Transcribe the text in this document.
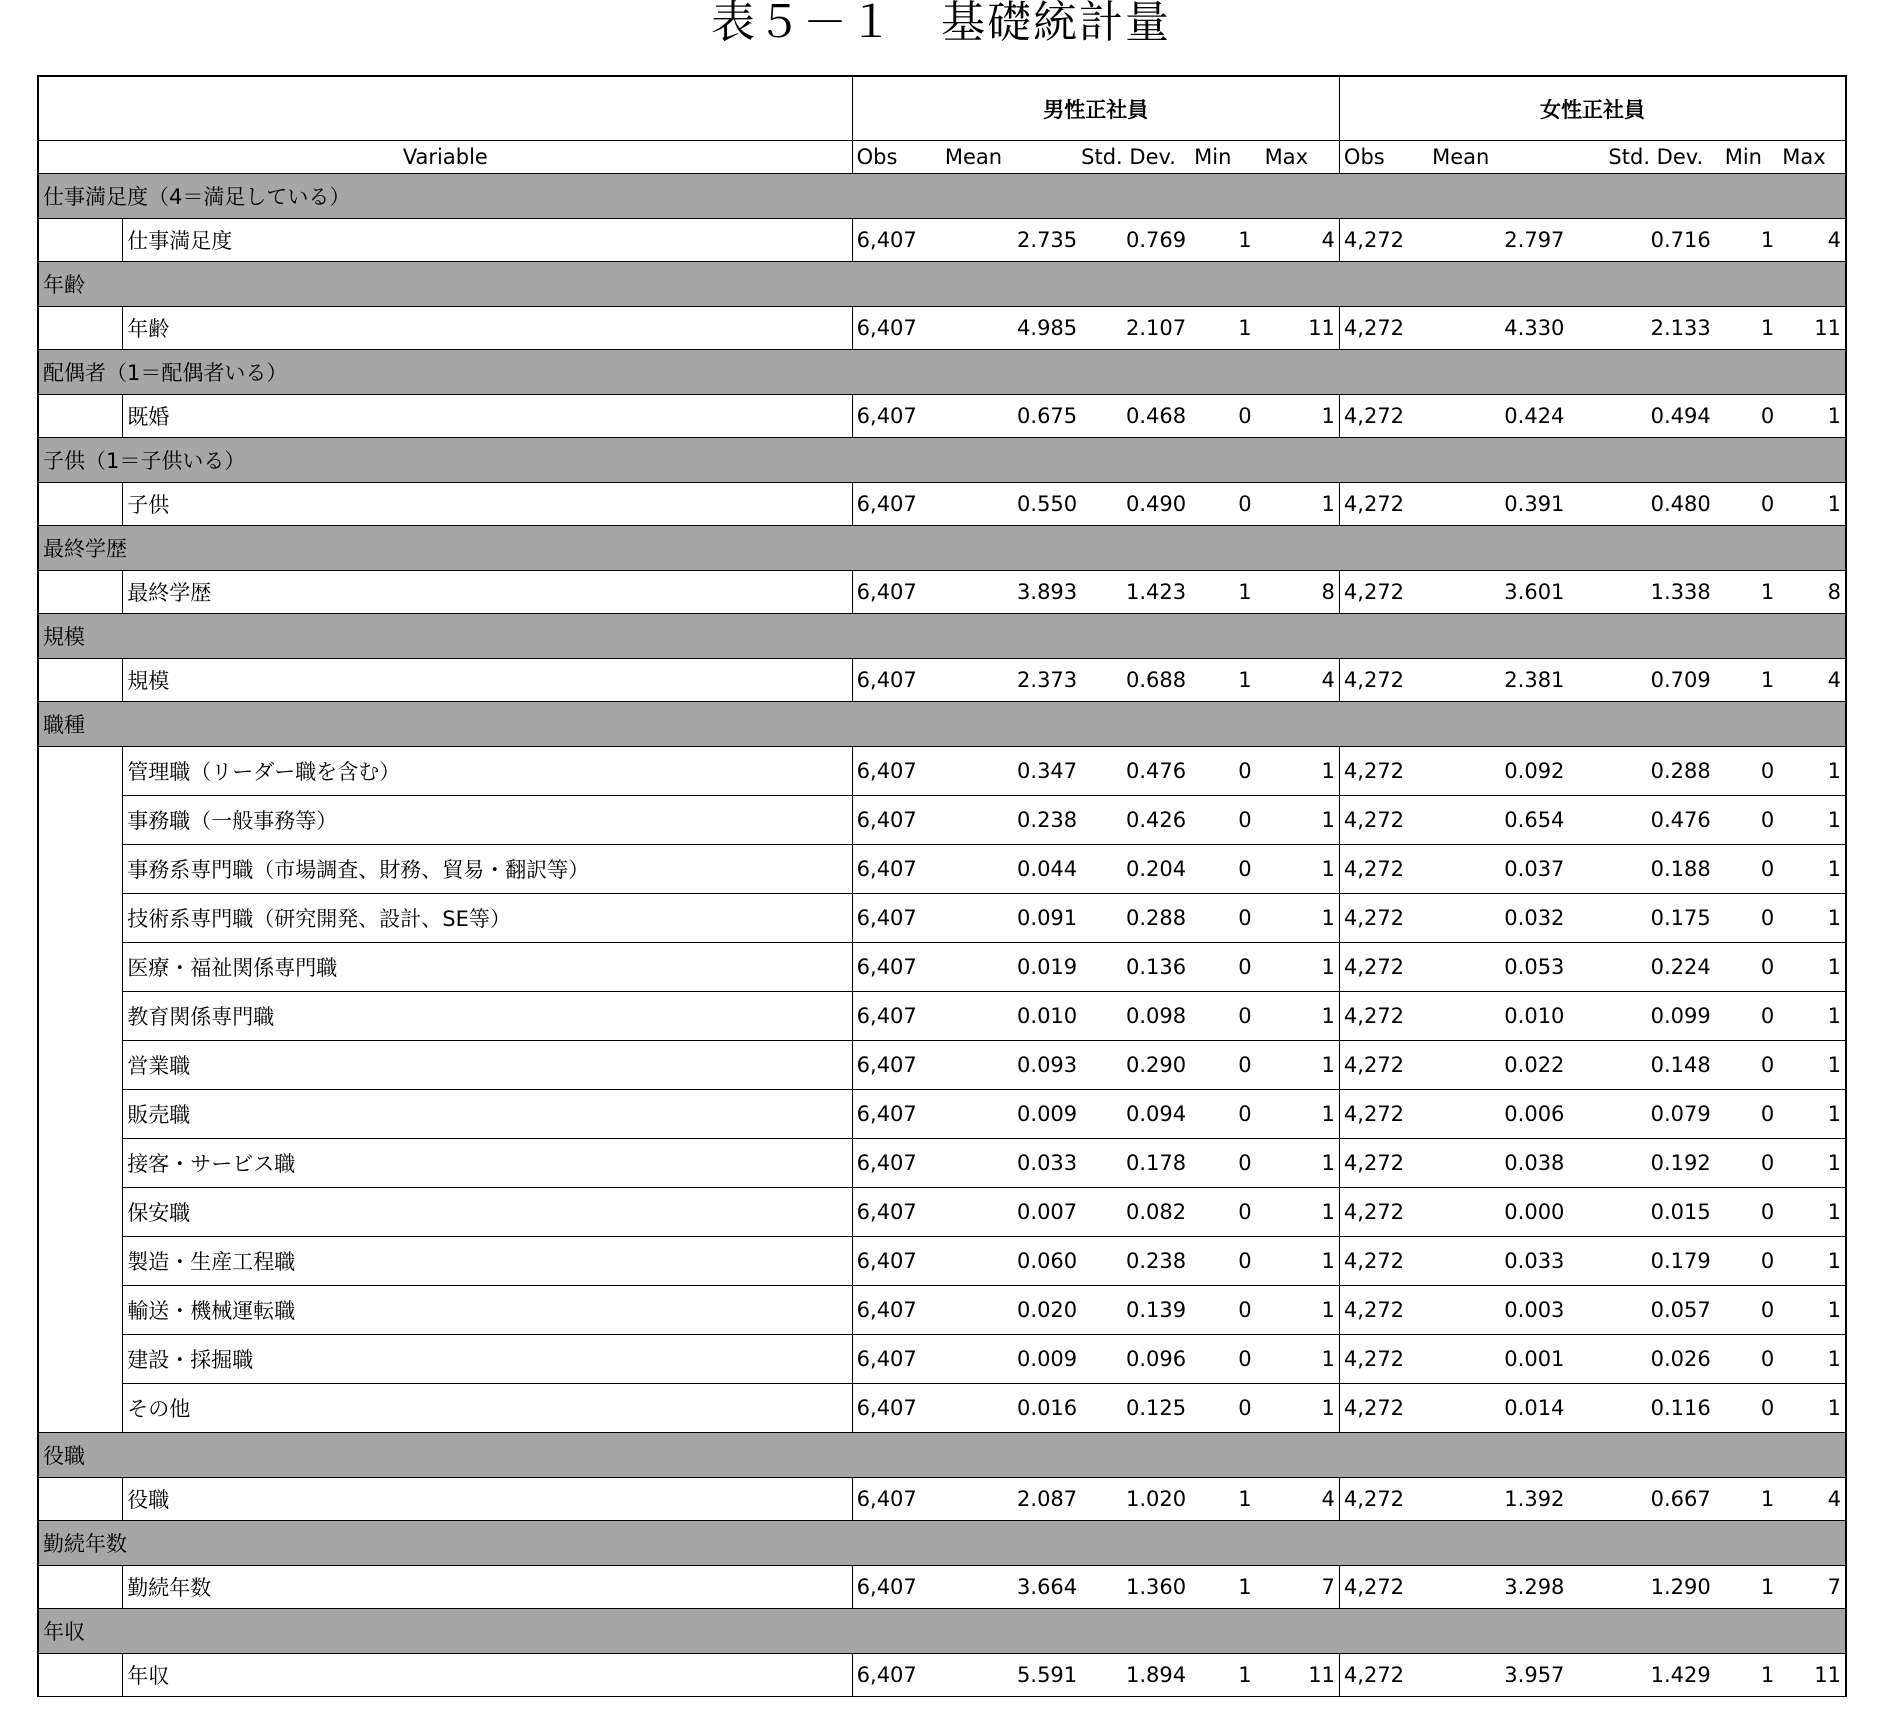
表５－１　基礎統計量
		男性正社員					女性正社員				
Variable		Obs	Mean	Std. Dev.	Min	Max	Obs	Mean	Std. Dev.	Min	Max
仕事満足度（4＝満足している）											
	仕事満足度	6,407	2.735	0.769	1	4	4,272	2.797	0.716	1	4
年齢											
	年齢	6,407	4.985	2.107	1	11	4,272	4.330	2.133	1	11
配偶者（1＝配偶者いる）											
	既婚	6,407	0.675	0.468	0	1	4,272	0.424	0.494	0	1
子供（1＝子供いる）											
	子供	6,407	0.550	0.490	0	1	4,272	0.391	0.480	0	1
最終学歴											
	最終学歴	6,407	3.893	1.423	1	8	4,272	3.601	1.338	1	8
規模											
	規模	6,407	2.373	0.688	1	4	4,272	2.381	0.709	1	4
職種											
	管理職（リーダー職を含む）	6,407	0.347	0.476	0	1	4,272	0.092	0.288	0	1
	事務職（一般事務等）	6,407	0.238	0.426	0	1	4,272	0.654	0.476	0	1
	事務系専門職（市場調査、財務、貿易・翻訳等）	6,407	0.044	0.204	0	1	4,272	0.037	0.188	0	1
	技術系専門職（研究開発、設計、SE等）	6,407	0.091	0.288	0	1	4,272	0.032	0.175	0	1
	医療・福祉関係専門職	6,407	0.019	0.136	0	1	4,272	0.053	0.224	0	1
	教育関係専門職	6,407	0.010	0.098	0	1	4,272	0.010	0.099	0	1
	営業職	6,407	0.093	0.290	0	1	4,272	0.022	0.148	0	1
	販売職	6,407	0.009	0.094	0	1	4,272	0.006	0.079	0	1
	接客・サービス職	6,407	0.033	0.178	0	1	4,272	0.038	0.192	0	1
	保安職	6,407	0.007	0.082	0	1	4,272	0.000	0.015	0	1
	製造・生産工程職	6,407	0.060	0.238	0	1	4,272	0.033	0.179	0	1
	輸送・機械運転職	6,407	0.020	0.139	0	1	4,272	0.003	0.057	0	1
	建設・採掘職	6,407	0.009	0.096	0	1	4,272	0.001	0.026	0	1
	その他	6,407	0.016	0.125	0	1	4,272	0.014	0.116	0	1
役職											
	役職	6,407	2.087	1.020	1	4	4,272	1.392	0.667	1	4
勤続年数											
	勤続年数	6,407	3.664	1.360	1	7	4,272	3.298	1.290	1	7
年収											
	年収	6,407	5.591	1.894	1	11	4,272	3.957	1.429	1	11
